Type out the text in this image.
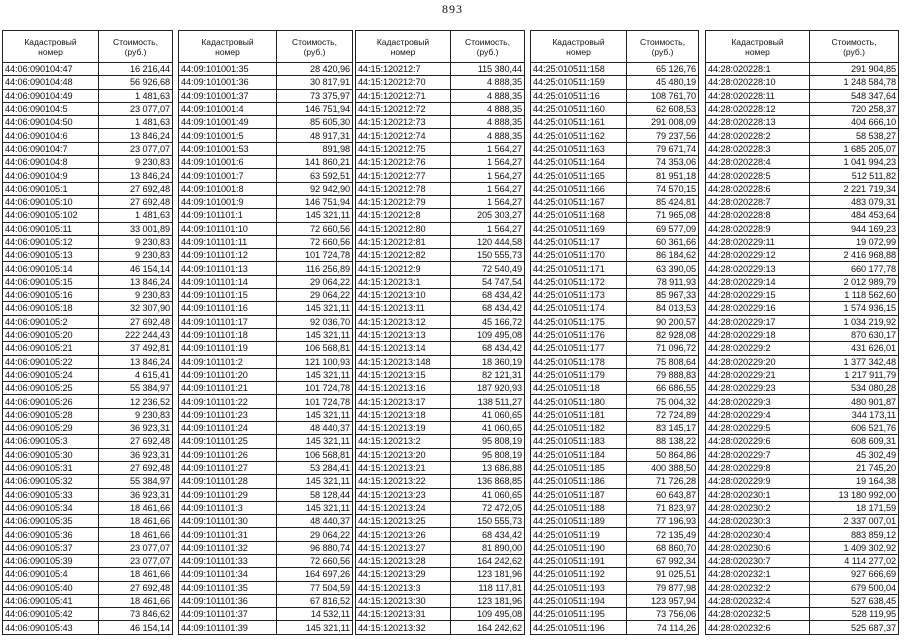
893
Кадастровый
номер	Стоимость,
(руб.)
44:06:090104:47	16 216,44
44:06:090104:48	56 926,68
44:06:090104:49	1 481,63
44:06:090104:5	23 077,07
44:06:090104:50	1 481,63
44:06:090104:6	13 846,24
44:06:090104:7	23 077,07
44:06:090104:8	9 230,83
44:06:090104:9	13 846,24
44:06:090105:1	27 692,48
44:06:090105:10	27 692,48
44:06:090105:102	1 481,63
44:06:090105:11	33 001,89
44:06:090105:12	9 230,83
44:06:090105:13	9 230,83
44:06:090105:14	46 154,14
44:06:090105:15	13 846,24
44:06:090105:16	9 230,83
44:06:090105:18	32 307,90
44:06:090105:2	27 692,48
44:06:090105:20	222 244,43
44:06:090105:21	37 492,81
44:06:090105:22	13 846,24
44:06:090105:24	4 615,41
44:06:090105:25	55 384,97
44:06:090105:26	12 236,52
44:06:090105:28	9 230,83
44:06:090105:29	36 923,31
44:06:090105:3	27 692,48
44:06:090105:30	36 923,31
44:06:090105:31	27 692,48
44:06:090105:32	55 384,97
44:06:090105:33	36 923,31
44:06:090105:34	18 461,66
44:06:090105:35	18 461,66
44:06:090105:36	18 461,66
44:06:090105:37	23 077,07
44:06:090105:39	23 077,07
44:06:090105:4	18 461,66
44:06:090105:40	27 692,48
44:06:090105:41	18 461,66
44:06:090105:42	73 846,62
44:06:090105:43	46 154,14
Кадастровый
номер	Стоимость,
(руб.)
44:09:101001:35	28 420,96
44:09:101001:36	30 817,91
44:09:101001:37	73 375,97
44:09:101001:4	146 751,94
44:09:101001:49	85 605,30
44:09:101001:5	48 917,31
44:09:101001:53	891,98
44:09:101001:6	141 860,21
44:09:101001:7	63 592,51
44:09:101001:8	92 942,90
44:09:101001:9	146 751,94
44:09:101101:1	145 321,11
44:09:101101:10	72 660,56
44:09:101101:11	72 660,56
44:09:101101:12	101 724,78
44:09:101101:13	116 256,89
44:09:101101:14	29 064,22
44:09:101101:15	29 064,22
44:09:101101:16	145 321,11
44:09:101101:17	92 036,70
44:09:101101:18	145 321,11
44:09:101101:19	106 568,81
44:09:101101:2	121 100,93
44:09:101101:20	145 321,11
44:09:101101:21	101 724,78
44:09:101101:22	101 724,78
44:09:101101:23	145 321,11
44:09:101101:24	48 440,37
44:09:101101:25	145 321,11
44:09:101101:26	106 568,81
44:09:101101:27	53 284,41
44:09:101101:28	145 321,11
44:09:101101:29	58 128,44
44:09:101101:3	145 321,11
44:09:101101:30	48 440,37
44:09:101101:31	29 064,22
44:09:101101:32	96 880,74
44:09:101101:33	72 660,56
44:09:101101:34	164 697,26
44:09:101101:35	77 504,59
44:09:101101:36	67 816,52
44:09:101101:37	14 532,11
44:09:101101:39	145 321,11
Кадастровый
номер	Стоимость,
(руб.)
44:15:120212:7	115 380,44
44:15:120212:70	4 888,35
44:15:120212:71	4 888,35
44:15:120212:72	4 888,35
44:15:120212:73	4 888,35
44:15:120212:74	4 888,35
44:15:120212:75	1 564,27
44:15:120212:76	1 564,27
44:15:120212:77	1 564,27
44:15:120212:78	1 564,27
44:15:120212:79	1 564,27
44:15:120212:8	205 303,27
44:15:120212:80	1 564,27
44:15:120212:81	120 444,58
44:15:120212:82	150 555,73
44:15:120212:9	72 540,49
44:15:120213:1	54 747,54
44:15:120213:10	68 434,42
44:15:120213:11	68 434,42
44:15:120213:12	45 166,72
44:15:120213:13	109 495,08
44:15:120213:14	68 434,42
44:15:120213:148	18 360,19
44:15:120213:15	82 121,31
44:15:120213:16	187 920,93
44:15:120213:17	138 511,27
44:15:120213:18	41 060,65
44:15:120213:19	41 060,65
44:15:120213:2	95 808,19
44:15:120213:20	95 808,19
44:15:120213:21	13 686,88
44:15:120213:22	136 868,85
44:15:120213:23	41 060,65
44:15:120213:24	72 472,05
44:15:120213:25	150 555,73
44:15:120213:26	68 434,42
44:15:120213:27	81 890,00
44:15:120213:28	164 242,62
44:15:120213:29	123 181,96
44:15:120213:3	118 117,81
44:15:120213:30	123 181,96
44:15:120213:31	109 495,08
44:15:120213:32	164 242,62
Кадастровый
номер	Стоимость,
(руб.)
44:25:010511:158	65 126,76
44:25:010511:159	45 480,19
44:25:010511:16	108 761,70
44:25:010511:160	62 608,53
44:25:010511:161	291 008,09
44:25:010511:162	79 237,56
44:25:010511:163	79 671,74
44:25:010511:164	74 353,06
44:25:010511:165	81 951,18
44:25:010511:166	74 570,15
44:25:010511:167	85 424,81
44:25:010511:168	71 965,08
44:25:010511:169	69 577,09
44:25:010511:17	60 361,66
44:25:010511:170	86 184,62
44:25:010511:171	63 390,05
44:25:010511:172	78 911,93
44:25:010511:173	85 967,33
44:25:010511:174	84 013,53
44:25:010511:175	90 200,57
44:25:010511:176	82 928,08
44:25:010511:177	71 096,72
44:25:010511:178	75 808,64
44:25:010511:179	79 888,83
44:25:010511:18	66 686,55
44:25:010511:180	75 004,32
44:25:010511:181	72 724,89
44:25:010511:182	83 145,17
44:25:010511:183	88 138,22
44:25:010511:184	50 864,86
44:25:010511:185	400 388,50
44:25:010511:186	71 726,28
44:25:010511:187	60 643,87
44:25:010511:188	71 823,97
44:25:010511:189	77 196,93
44:25:010511:19	72 135,49
44:25:010511:190	68 860,70
44:25:010511:191	67 992,34
44:25:010511:192	91 025,51
44:25:010511:193	79 877,98
44:25:010511:194	123 957,94
44:25:010511:195	73 756,06
44:25:010511:196	74 114,26
Кадастровый
номер	Стоимость,
(руб.)
44:28:020228:1	291 904,85
44:28:020228:10	1 248 584,78
44:28:020228:11	548 347,64
44:28:020228:12	720 258,37
44:28:020228:13	404 666,10
44:28:020228:2	58 538,27
44:28:020228:3	1 685 205,07
44:28:020228:4	1 041 994,23
44:28:020228:5	512 511,82
44:28:020228:6	2 221 719,34
44:28:020228:7	483 079,31
44:28:020228:8	484 453,64
44:28:020228:9	944 169,23
44:28:020229:11	19 072,99
44:28:020229:12	2 416 968,88
44:28:020229:13	660 177,78
44:28:020229:14	2 012 989,79
44:28:020229:15	1 118 562,60
44:28:020229:16	1 574 936,15
44:28:020229:17	1 034 219,92
44:28:020229:18	870 630,17
44:28:020229:2	431 626,01
44:28:020229:20	1 377 342,48
44:28:020229:21	1 217 911,79
44:28:020229:23	534 080,28
44:28:020229:3	480 901,87
44:28:020229:4	344 173,11
44:28:020229:5	606 521,76
44:28:020229:6	608 609,31
44:28:020229:7	45 302,49
44:28:020229:8	21 745,20
44:28:020229:9	19 164,38
44:28:020230:1	13 180 992,00
44:28:020230:2	18 171,59
44:28:020230:3	2 337 007,01
44:28:020230:4	883 859,12
44:28:020230:6	1 409 302,92
44:28:020230:7	4 114 277,02
44:28:020232:1	927 666,69
44:28:020232:2	679 500,04
44:28:020232:4	527 638,45
44:28:020232:5	528 119,95
44:28:020232:6	525 687,37
